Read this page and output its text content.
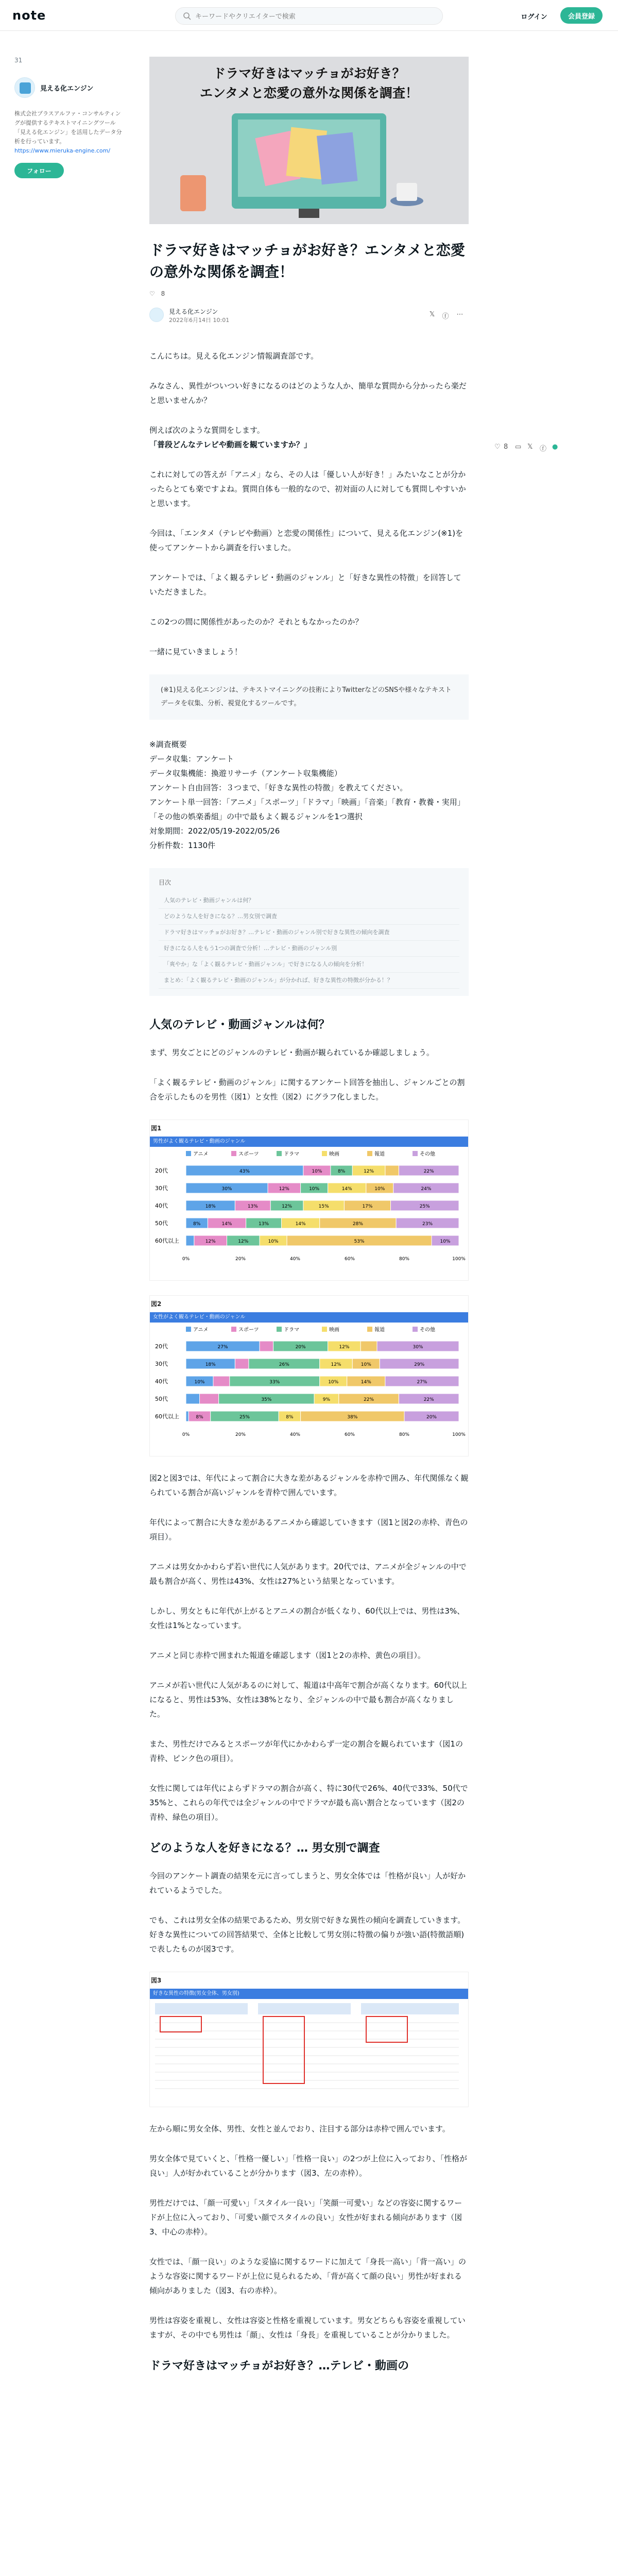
note
キーワードやクリエイターで検索	ログイン	会員登録
31
見える化エンジン
株式会社プラスアルファ・コンサルティングが提供するテキストマイニングツール「見える化エンジン」を活用したデータ分析を行っています。
https://www.mieruka-engine.com/
フォロー
♡ 8 ▭ 𝕏 ⓕ ●
ドラマ好きはマッチョがお好き？
エンタメと恋愛の意外な関係を調査！
ドラマ好きはマッチョがお好き？エンタメと恋愛の意外な関係を調査！
♡ 8
見える化エンジン
2022年6月14日 10:01
𝕏 ⓕ ⋯

こんにちは。見える化エンジン情報調査部です。

みなさん、異性がついつい好きになるのはどのような人か、簡単な質問から分かったら楽だと思いませんか？

例えば次のような質問をします。
「普段どんなテレビや動画を観ていますか？」

これに対しての答えが「アニメ」なら、その人は「優しい人が好き！」みたいなことが分かったらとても楽ですよね。質問自体も一般的なので、初対面の人に対しても質問しやすいかと思います。

今回は、「エンタメ（テレビや動画）と恋愛の関係性」について、見える化エンジン(※1)を使ってアンケートから調査を行いました。

アンケートでは、「よく観るテレビ・動画のジャンル」と「好きな異性の特徴」を回答していただきました。

この2つの間に関係性があったのか？それともなかったのか？

一緒に見ていきましょう！

(※1)見える化エンジンは、テキストマイニングの技術によりTwitterなどのSNSや様々なテキストデータを収集、分析、視覚化するツールです。

※調査概要
データ収集：アンケート
データ収集機能：換遊リサーチ（アンケート収集機能）
アンケート自由回答：３つまで、「好きな異性の特徴」を教えてください。
アンケート単一回答：「アニメ」「スポーツ」「ドラマ」「映画」「音楽」「教育・教養・実用」「その他の娯楽番組」の中で最もよく観るジャンルを1つ選択
対象期間：2022/05/19-2022/05/26
分析件数：1130件

目次
人気のテレビ・動画ジャンルは何？
どのような人を好きになる？…男女別で調査
ドラマ好きはマッチョがお好き？…テレビ・動画のジャンル別で好きな異性の傾向を調査
好きになる人をもう1つの調査で分析！…テレビ・動画のジャンル別
「爽やか」な「よく観るテレビ・動画ジャンル」で好きになる人の傾向を分析！
まとめ：「よく観るテレビ・動画のジャンル」が分かれば、好きな異性の特徴が分かる！？
人気のテレビ・動画ジャンルは何？

まず、男女ごとにどのジャンルのテレビ・動画が観られているか確認しましょう。

「よく観るテレビ・動画のジャンル」に関するアンケート回答を抽出し、ジャンルごとの割合を示したものを男性（図1）と女性（図2）にグラフ化しました。

図1
男性がよく観るテレビ・動画のジャンル
アニメ	スポーツ	ドラマ	映画	報道	その他
20代	43%	10%	8%	12%	22%
30代	30%	12%	10%	14%	10%	24%
40代	18%	13%	12%	15%	17%	25%
50代	8%	14%	13%	14%	28%	23%
60代以上	12%	12%	10%	53%	10%
0%	20%	40%	60%	80%	100%
図2
女性がよく観るテレビ・動画のジャンル
アニメ	スポーツ	ドラマ	映画	報道	その他
20代	27%	20%	12%	30%
30代	18%	26%	12%	10%	29%
40代	10%	33%	10%	14%	27%
50代	35%	9%	22%	22%
60代以上	8%	25%	8%	38%	20%
0%	20%	40%	60%	80%	100%

図2と図3では、年代によって割合に大きな差があるジャンルを赤枠で囲み、年代関係なく観られている割合が高いジャンルを青枠で囲んでいます。

年代によって割合に大きな差があるアニメから確認していきます（図1と図2の赤枠、青色の項目）。

アニメは男女かかわらず若い世代に人気があります。20代では、アニメが全ジャンルの中で最も割合が高く、男性は43%、女性は27%という結果となっています。

しかし、男女ともに年代が上がるとアニメの割合が低くなり、60代以上では、男性は3%、女性は1%となっています。

アニメと同じ赤枠で囲まれた報道を確認します（図1と2の赤枠、黄色の項目）。

アニメが若い世代に人気があるのに対して、報道は中高年で割合が高くなります。60代以上になると、男性は53%、女性は38%となり、全ジャンルの中で最も割合が高くなりました。

また、男性だけでみるとスポーツが年代にかかわらず一定の割合を観られています（図1の青枠、ピンク色の項目）。

女性に関しては年代によらずドラマの割合が高く、特に30代で26%、40代で33%、50代で35%と、これらの年代では全ジャンルの中でドラマが最も高い割合となっています（図2の青枠、緑色の項目）。

どのような人を好きになる？… 男女別で調査

今回のアンケート調査の結果を元に言ってしまうと、男女全体では「性格が良い」人が好かれているようでした。

でも、これは男女全体の結果であるため、男女別で好きな異性の傾向を調査していきます。
好きな異性についての回答結果で、全体と比較して男女別に特徴の偏りが強い語(特徴語順)で表したものが図3です。

図3
好きな異性の特徴(男女全体、男女別)

左から順に男女全体、男性、女性と並んでおり、注目する部分は赤枠で囲んでいます。

男女全体で見ていくと、「性格一優しい」「性格一良い」の2つが上位に入っており、「性格が良い」人が好かれていることが分かります（図3、左の赤枠）。

男性だけでは、「顔一可愛い」「スタイル一良い」「笑顔一可愛い」などの容姿に関するワードが上位に入っており、「可愛い顔でスタイルの良い」女性が好まれる傾向があります（図3、中心の赤枠）。

女性では、「顔一良い」のような妥協に関するワードに加えて「身長一高い」「背一高い」のような容姿に関するワードが上位に見られるため、「背が高くて顔の良い」男性が好まれる傾向がありました（図3、右の赤枠）。

男性は容姿を重視し、女性は容姿と性格を重視しています。男女どちらも容姿を重視していますが、その中でも男性は「顔」、女性は「身長」を重視していることが分かりました。

ドラマ好きはマッチョがお好き？…テレビ・動画の
